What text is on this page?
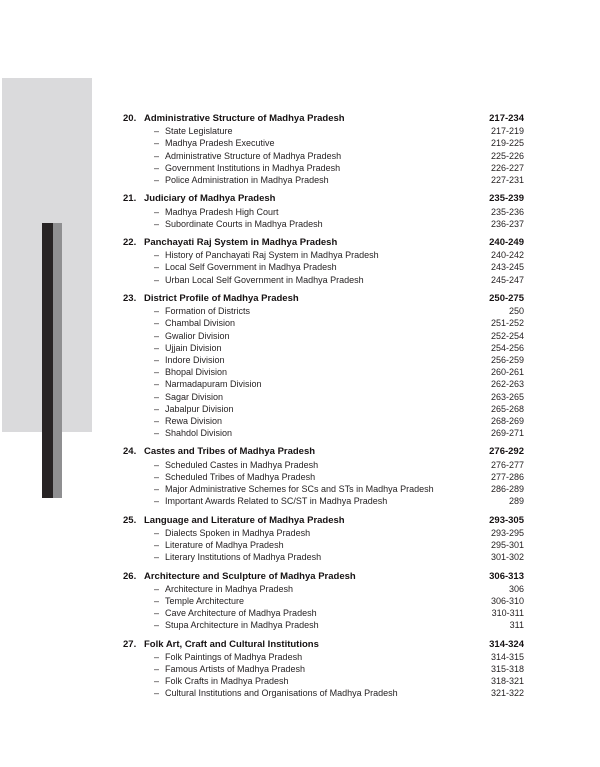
20. Administrative Structure of Madhya Pradesh	217-234
– State Legislature	217-219
– Madhya Pradesh Executive	219-225
– Administrative Structure of Madhya Pradesh	225-226
– Government Institutions in Madhya Pradesh	226-227
– Police Administration in Madhya Pradesh	227-231
21. Judiciary of Madhya Pradesh	235-239
– Madhya Pradesh High Court	235-236
– Subordinate Courts in Madhya Pradesh	236-237
22. Panchayati Raj System in Madhya Pradesh	240-249
– History of Panchayati Raj System in Madhya Pradesh	240-242
– Local Self Government in Madhya Pradesh	243-245
– Urban Local Self Government in Madhya Pradesh	245-247
23. District Profile of Madhya Pradesh	250-275
– Formation of Districts	250
– Chambal Division	251-252
– Gwalior Division	252-254
– Ujjain Division	254-256
– Indore Division	256-259
– Bhopal Division	260-261
– Narmadapuram Division	262-263
– Sagar Division	263-265
– Jabalpur Division	265-268
– Rewa Division	268-269
– Shahdol Division	269-271
24. Castes and Tribes of Madhya Pradesh	276-292
– Scheduled Castes in Madhya Pradesh	276-277
– Scheduled Tribes of Madhya Pradesh	277-286
– Major Administrative Schemes for SCs and STs in Madhya Pradesh	286-289
– Important Awards Related to SC/ST in Madhya Pradesh	289
25. Language and Literature of Madhya Pradesh	293-305
– Dialects Spoken in Madhya Pradesh	293-295
– Literature of Madhya Pradesh	295-301
– Literary Institutions of Madhya Pradesh	301-302
26. Architecture and Sculpture of Madhya Pradesh	306-313
– Architecture in Madhya Pradesh	306
– Temple Architecture	306-310
– Cave Architecture of Madhya Pradesh	310-311
– Stupa Architecture in Madhya Pradesh	311
27. Folk Art, Craft and Cultural Institutions	314-324
– Folk Paintings of Madhya Pradesh	314-315
– Famous Artists of Madhya Pradesh	315-318
– Folk Crafts in Madhya Pradesh	318-321
– Cultural Institutions and Organisations of Madhya Pradesh	321-322
